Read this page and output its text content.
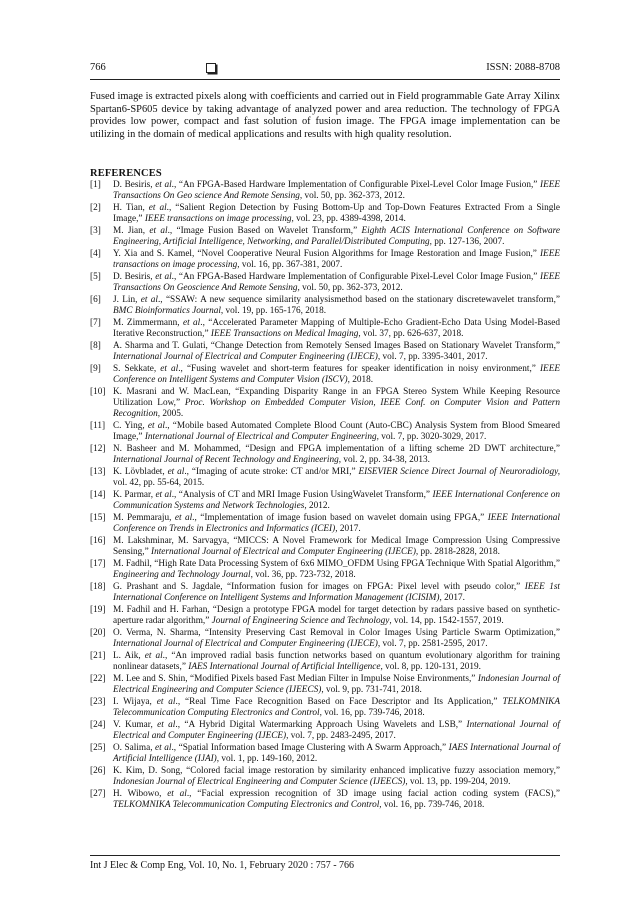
766	ISSN: 2088-8708
Fused image is extracted pixels along with coefficients and carried out in Field programmable Gate Array Xilinx Spartan6-SP605 device by taking advantage of analyzed power and area reduction. The technology of FPGA provides low power, compact and fast solution of fusion image. The FPGA image implementation can be utilizing in the domain of medical applications and results with high quality resolution.
REFERENCES
[1] D. Besiris, et al., “An FPGA-Based Hardware Implementation of Configurable Pixel-Level Color Image Fusion,” IEEE Transactions On Geo science And Remote Sensing, vol. 50, pp. 362-373, 2012.
[2] H. Tian, et al., “Salient Region Detection by Fusing Bottom-Up and Top-Down Features Extracted From a Single Image,” IEEE transactions on image processing, vol. 23, pp. 4389-4398, 2014.
[3] M. Jian, et al., “Image Fusion Based on Wavelet Transform,” Eighth ACIS International Conference on Software Engineering, Artificial Intelligence, Networking, and Parallel/Distributed Computing, pp. 127-136, 2007.
[4] Y. Xia and S. Kamel, “Novel Cooperative Neural Fusion Algorithms for Image Restoration and Image Fusion,” IEEE transactions on image processing, vol. 16, pp. 367-381, 2007.
[5] D. Besiris, et al., “An FPGA-Based Hardware Implementation of Configurable Pixel-Level Color Image Fusion,” IEEE Transactions On Geoscience And Remote Sensing, vol. 50, pp. 362-373, 2012.
[6] J. Lin, et al., “SSAW: A new sequence similarity analysismethod based on the stationary discretewavelet transform,” BMC Bioinformatics Journal, vol. 19, pp. 165-176, 2018.
[7] M. Zimmermann, et al., “Accelerated Parameter Mapping of Multiple-Echo Gradient-Echo Data Using Model-Based Iterative Reconstruction,” IEEE Transactions on Medical Imaging, vol. 37, pp. 626-637, 2018.
[8] A. Sharma and T. Gulati, “Change Detection from Remotely Sensed Images Based on Stationary Wavelet Transform,” International Journal of Electrical and Computer Engineering (IJECE), vol. 7, pp. 3395-3401, 2017.
[9] S. Sekkate, et al., “Fusing wavelet and short-term features for speaker identification in noisy environment,” IEEE Conference on Intelligent Systems and Computer Vision (ISCV), 2018.
[10] K. Masrani and W. MacLean, “Expanding Disparity Range in an FPGA Stereo System While Keeping Resource Utilization Low,” Proc. Workshop on Embedded Computer Vision, IEEE Conf. on Computer Vision and Pattern Recognition, 2005.
[11] C. Ying, et al., “Mobile based Automated Complete Blood Count (Auto-CBC) Analysis System from Blood Smeared Image,” International Journal of Electrical and Computer Engineering, vol. 7, pp. 3020-3029, 2017.
[12] N. Basheer and M. Mohammed, “Design and FPGA implementation of a lifting scheme 2D DWT architecture,” International Journal of Recent Technology and Engineering, vol. 2, pp. 34-38, 2013.
[13] K. Lövbladet, et al., “Imaging of acute stroke: CT and/or MRI,” EISEVIER Science Direct Journal of Neuroradiology, vol. 42, pp. 55-64, 2015.
[14] K. Parmar, et al., “Analysis of CT and MRI Image Fusion UsingWavelet Transform,” IEEE International Conference on Communication Systems and Network Technologies, 2012.
[15] M. Pemmaraju, et al., “Implementation of image fusion based on wavelet domain using FPGA,” IEEE International Conference on Trends in Electronics and Informatics (ICEI), 2017.
[16] M. Lakshminar, M. Sarvagya, “MICCS: A Novel Framework for Medical Image Compression Using Compressive Sensing,” International Journal of Electrical and Computer Engineering (IJECE), pp. 2818-2828, 2018.
[17] M. Fadhil, “High Rate Data Processing System of 6x6 MIMO_OFDM Using FPGA Technique With Spatial Algorithm,” Engineering and Technology Journal, vol. 36, pp. 723-732, 2018.
[18] G. Prashant and S. Jagdale, “Information fusion for images on FPGA: Pixel level with pseudo color,” IEEE 1st International Conference on Intelligent Systems and Information Management (ICISIM), 2017.
[19] M. Fadhil and H. Farhan, “Design a prototype FPGA model for target detection by radars passive based on synthetic-aperture radar algorithm,” Journal of Engineering Science and Technology, vol. 14, pp. 1542-1557, 2019.
[20] O. Verma, N. Sharma, “Intensity Preserving Cast Removal in Color Images Using Particle Swarm Optimization,” International Journal of Electrical and Computer Engineering (IJECE), vol. 7, pp. 2581-2595, 2017.
[21] L. Aik, et al., “An improved radial basis function networks based on quantum evolutionary algorithm for training nonlinear datasets,” IAES International Journal of Artificial Intelligence, vol. 8, pp. 120-131, 2019.
[22] M. Lee and S. Shin, “Modified Pixels based Fast Median Filter in Impulse Noise Environments,” Indonesian Journal of Electrical Engineering and Computer Science (IJEECS), vol. 9, pp. 731-741, 2018.
[23] I. Wijaya, et al., “Real Time Face Recognition Based on Face Descriptor and Its Application,” TELKOMNIKA Telecommunication Computing Electronics and Control, vol. 16, pp. 739-746, 2018.
[24] V. Kumar, et al., “A Hybrid Digital Watermarking Approach Using Wavelets and LSB,” International Journal of Electrical and Computer Engineering (IJECE), vol. 7, pp. 2483-2495, 2017.
[25] O. Salima, et al., “Spatial Information based Image Clustering with A Swarm Approach,” IAES International Journal of Artificial Intelligence (IJAI), vol. 1, pp. 149-160, 2012.
[26] K. Kim, D. Song, “Colored facial image restoration by similarity enhanced implicative fuzzy association memory,” Indonesian Journal of Electrical Engineering and Computer Science (IJEECS), vol. 13, pp. 199-204, 2019.
[27] H. Wibowo, et al., “Facial expression recognition of 3D image using facial action coding system (FACS),” TELKOMNIKA Telecommunication Computing Electronics and Control, vol. 16, pp. 739-746, 2018.
Int J Elec & Comp Eng, Vol. 10, No. 1, February 2020 : 757 - 766
